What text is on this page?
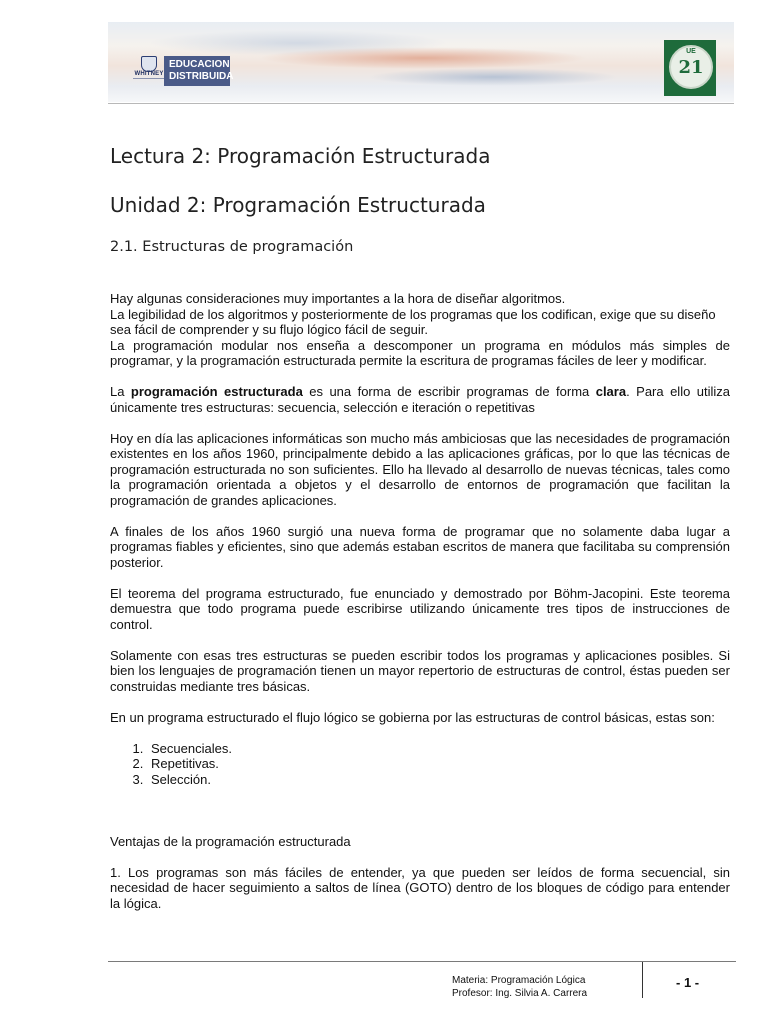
WHITNEY
EDUCACION
DISTRIBUIDA
UE
21
Lectura 2: Programación Estructurada
Unidad 2: Programación Estructurada
2.1. Estructuras de programación

Hay algunas consideraciones muy importantes a la hora de diseñar algoritmos.

La legibilidad de los algoritmos y posteriormente de los programas que los codifican, exige que su diseño sea fácil de comprender y su flujo lógico fácil de seguir.

La programación modular nos enseña a descomponer un programa en módulos más simples de programar, y la programación estructurada permite la escritura de programas fáciles de leer y modificar.

La programación estructurada es una forma de escribir programas de forma clara. Para ello utiliza únicamente tres estructuras: secuencia, selección e iteración o repetitivas

Hoy en día las aplicaciones informáticas son mucho más ambiciosas que las necesidades de programación existentes en los años 1960, principalmente debido a las aplicaciones gráficas, por lo que las técnicas de programación estructurada no son suficientes. Ello ha llevado al desarrollo de nuevas técnicas, tales como la programación orientada a objetos y el desarrollo de entornos de programación que facilitan la programación de grandes aplicaciones.

A finales de los años 1960 surgió una nueva forma de programar que no solamente daba lugar a programas fiables y eficientes, sino que además estaban escritos de manera que facilitaba su comprensión posterior.

El teorema del programa estructurado, fue enunciado y demostrado por Böhm-Jacopini. Este teorema demuestra que todo programa puede escribirse utilizando únicamente tres tipos de instrucciones de control.

Solamente con esas tres estructuras se pueden escribir todos los programas y aplicaciones posibles. Si bien los lenguajes de programación tienen un mayor repertorio de estructuras de control, éstas pueden ser construidas mediante tres básicas.

En un programa estructurado el flujo lógico se gobierna por las estructuras de control básicas, estas son:

1. Secuenciales.
2. Repetitivas.
3. Selección.

Ventajas de la programación estructurada

1. Los programas son más fáciles de entender, ya que pueden ser leídos de forma secuencial, sin necesidad de hacer seguimiento a saltos de línea (GOTO) dentro de los bloques de código para entender la lógica.

Materia: Programación Lógica
Profesor: Ing. Silvia A. Carrera
- 1 -
